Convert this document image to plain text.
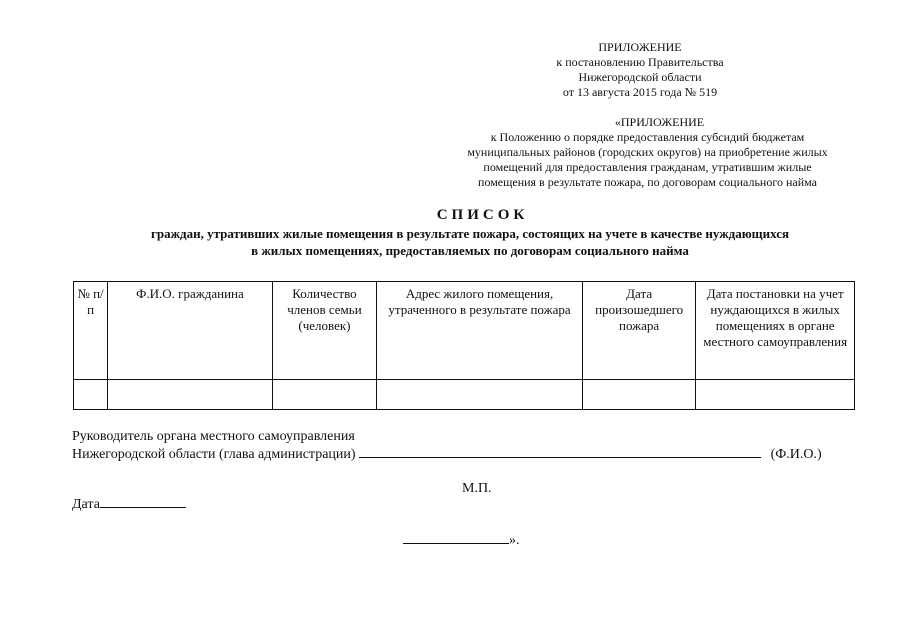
ПРИЛОЖЕНИЕ
к постановлению Правительства
Нижегородской области
от 13 августа 2015 года № 519
«ПРИЛОЖЕНИЕ
к Положению о порядке предоставления субсидий бюджетам
муниципальных районов (городских округов) на приобретение жилых
помещений для предоставления гражданам, утратившим жилые
помещения в результате пожара, по договорам социального найма
СПИСОК
граждан, утративших жилые помещения в результате пожара, состоящих на учете в качестве нуждающихся
в жилых помещениях, предоставляемых по договорам социального найма
№ п/п	Ф.И.О. гражданина	Количество членов семьи (человек)	Адрес жилого помещения, утраченного в результате пожара	Дата произошедшего пожара	Дата постановки на учет нуждающихся в жилых помещениях в органе местного самоуправления

Руководитель органа местного самоуправления
Нижегородской области (глава администрации)	(Ф.И.О.)
М.П.
Дата
».
